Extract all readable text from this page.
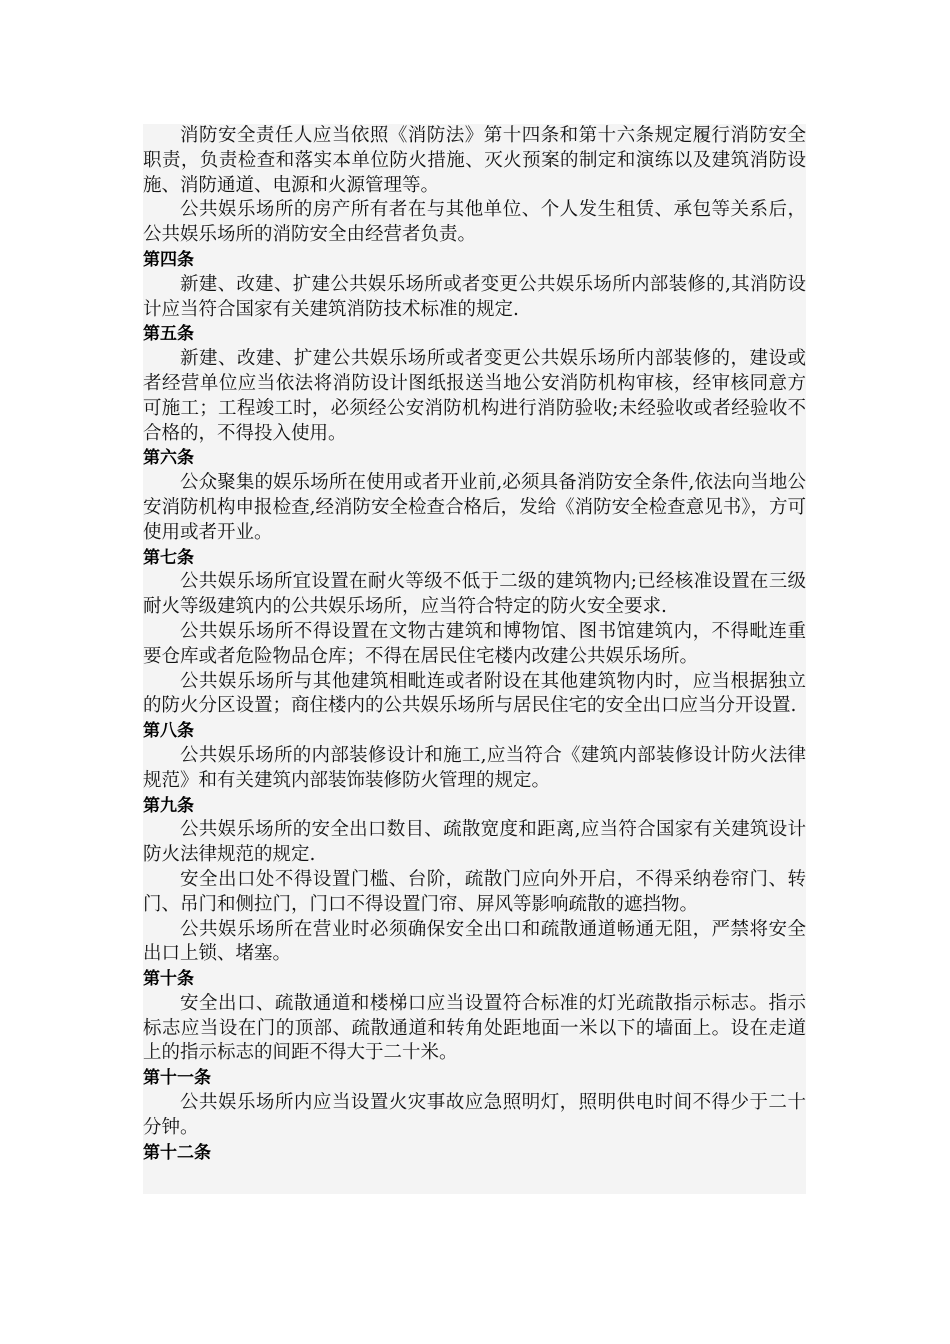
消防安全责任人应当依照《消防法》第十四条和第十六条规定履行消防安全职责，负责检查和落实本单位防火措施、灭火预案的制定和演练以及建筑消防设施、消防通道、电源和火源管理等。

公共娱乐场所的房产所有者在与其他单位、个人发生租赁、承包等关系后，公共娱乐场所的消防安全由经营者负责。

第四条

新建、改建、扩建公共娱乐场所或者变更公共娱乐场所内部装修的,其消防设计应当符合国家有关建筑消防技术标准的规定.

第五条

新建、改建、扩建公共娱乐场所或者变更公共娱乐场所内部装修的，建设或者经营单位应当依法将消防设计图纸报送当地公安消防机构审核，经审核同意方可施工；工程竣工时，必须经公安消防机构进行消防验收;未经验收或者经验收不合格的，不得投入使用。

第六条

公众聚集的娱乐场所在使用或者开业前,必须具备消防安全条件,依法向当地公安消防机构申报检查,经消防安全检查合格后，发给《消防安全检查意见书》，方可使用或者开业。

第七条

公共娱乐场所宜设置在耐火等级不低于二级的建筑物内;已经核准设置在三级耐火等级建筑内的公共娱乐场所，应当符合特定的防火安全要求.

公共娱乐场所不得设置在文物古建筑和博物馆、图书馆建筑内，不得毗连重要仓库或者危险物品仓库；不得在居民住宅楼内改建公共娱乐场所。

公共娱乐场所与其他建筑相毗连或者附设在其他建筑物内时，应当根据独立的防火分区设置；商住楼内的公共娱乐场所与居民住宅的安全出口应当分开设置.

第八条

公共娱乐场所的内部装修设计和施工,应当符合《建筑内部装修设计防火法律规范》和有关建筑内部装饰装修防火管理的规定。

第九条

公共娱乐场所的安全出口数目、疏散宽度和距离,应当符合国家有关建筑设计防火法律规范的规定.

安全出口处不得设置门槛、台阶，疏散门应向外开启，不得采纳卷帘门、转门、吊门和侧拉门，门口不得设置门帘、屏风等影响疏散的遮挡物。

公共娱乐场所在营业时必须确保安全出口和疏散通道畅通无阻，严禁将安全出口上锁、堵塞。

第十条

安全出口、疏散通道和楼梯口应当设置符合标准的灯光疏散指示标志。指示标志应当设在门的顶部、疏散通道和转角处距地面一米以下的墙面上。设在走道上的指示标志的间距不得大于二十米。

第十一条

公共娱乐场所内应当设置火灾事故应急照明灯，照明供电时间不得少于二十分钟。

第十二条
